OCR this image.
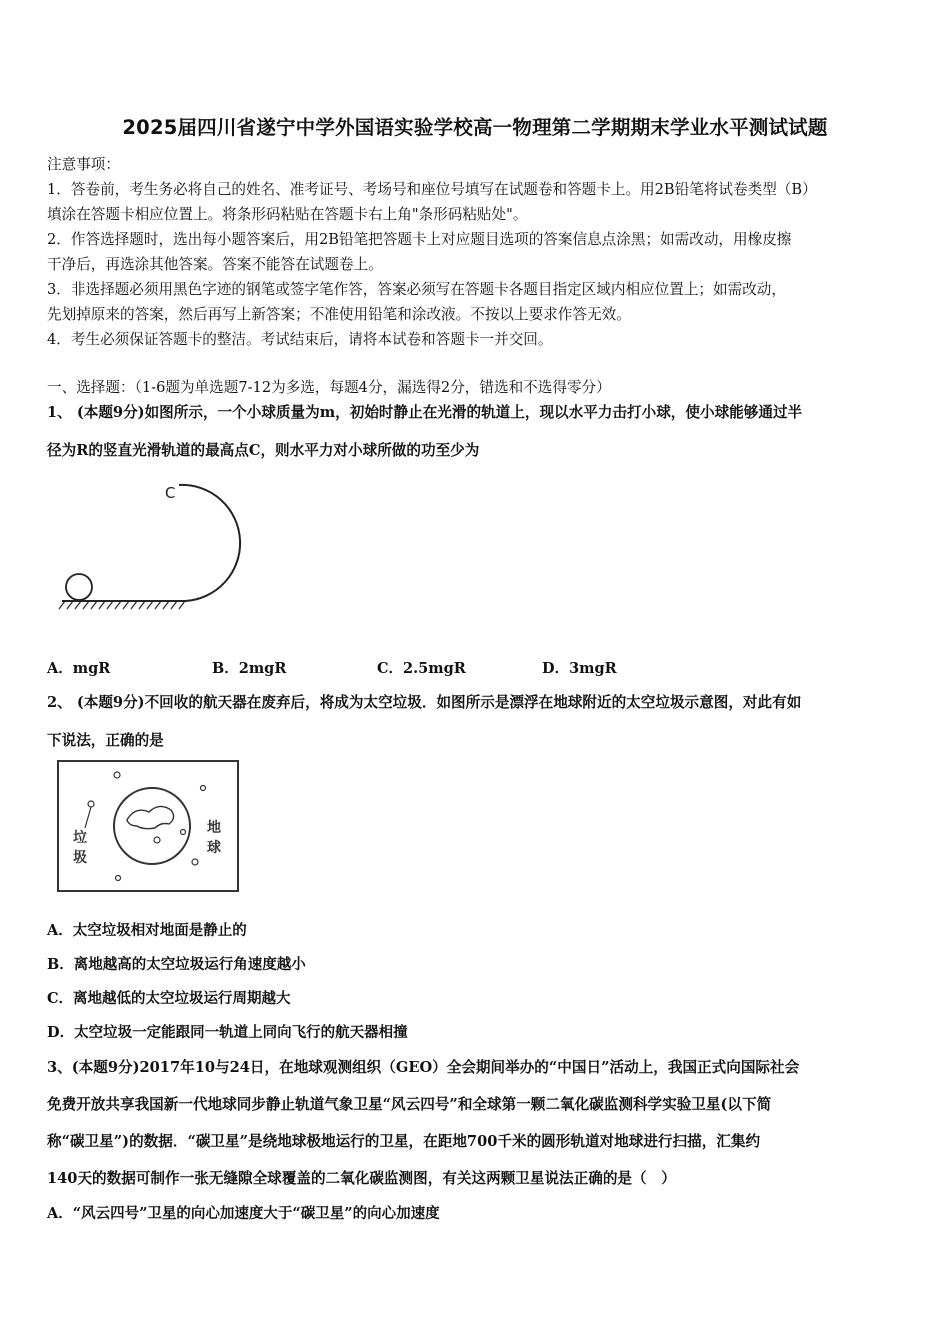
2025届四川省遂宁中学外国语实验学校高一物理第二学期期末学业水平测试试题
注意事项：
1．答卷前，考生务必将自己的姓名、准考证号、考场号和座位号填写在试题卷和答题卡上。用2B铅笔将试卷类型（B）
填涂在答题卡相应位置上。将条形码粘贴在答题卡右上角"条形码粘贴处"。
2．作答选择题时，选出每小题答案后，用2B铅笔把答题卡上对应题目选项的答案信息点涂黑；如需改动，用橡皮擦
干净后，再选涂其他答案。答案不能答在试题卷上。
3．非选择题必须用黑色字迹的钢笔或签字笔作答，答案必须写在答题卡各题目指定区域内相应位置上；如需改动，
先划掉原来的答案，然后再写上新答案；不准使用铅笔和涂改液。不按以上要求作答无效。
4．考生必须保证答题卡的整洁。考试结束后，请将本试卷和答题卡一并交回。
一、选择题：（1-6题为单选题7-12为多选，每题4分，漏选得2分，错选和不选得零分）
1、 (本题9分)如图所示，一个小球质量为m，初始时静止在光滑的轨道上，现以水平力击打小球，使小球能够通过半
径为R的竖直光滑轨道的最高点C，则水平力对小球所做的功至少为
C
A．mgR	B．2mgR	C．2.5mgR	D．3mgR
2、 (本题9分)不回收的航天器在废弃后，将成为太空垃圾．如图所示是漂浮在地球附近的太空垃圾示意图，对此有如
下说法，正确的是
垃 圾
地 球
A．太空垃圾相对地面是静止的
B．离地越高的太空垃圾运行角速度越小
C．离地越低的太空垃圾运行周期越大
D．太空垃圾一定能跟同一轨道上同向飞行的航天器相撞
3、(本题9分)2017年10与24日，在地球观测组织（GEO）全会期间举办的“中国日”活动上，我国正式向国际社会
免费开放共享我国新一代地球同步静止轨道气象卫星“风云四号”和全球第一颗二氧化碳监测科学实验卫星(以下简
称“碳卫星”)的数据．“碳卫星”是绕地球极地运行的卫星，在距地700千米的圆形轨道对地球进行扫描，汇集约
140天的数据可制作一张无缝隙全球覆盖的二氧化碳监测图，有关这两颗卫星说法正确的是（　）
A．“风云四号”卫星的向心加速度大于“碳卫星”的向心加速度
